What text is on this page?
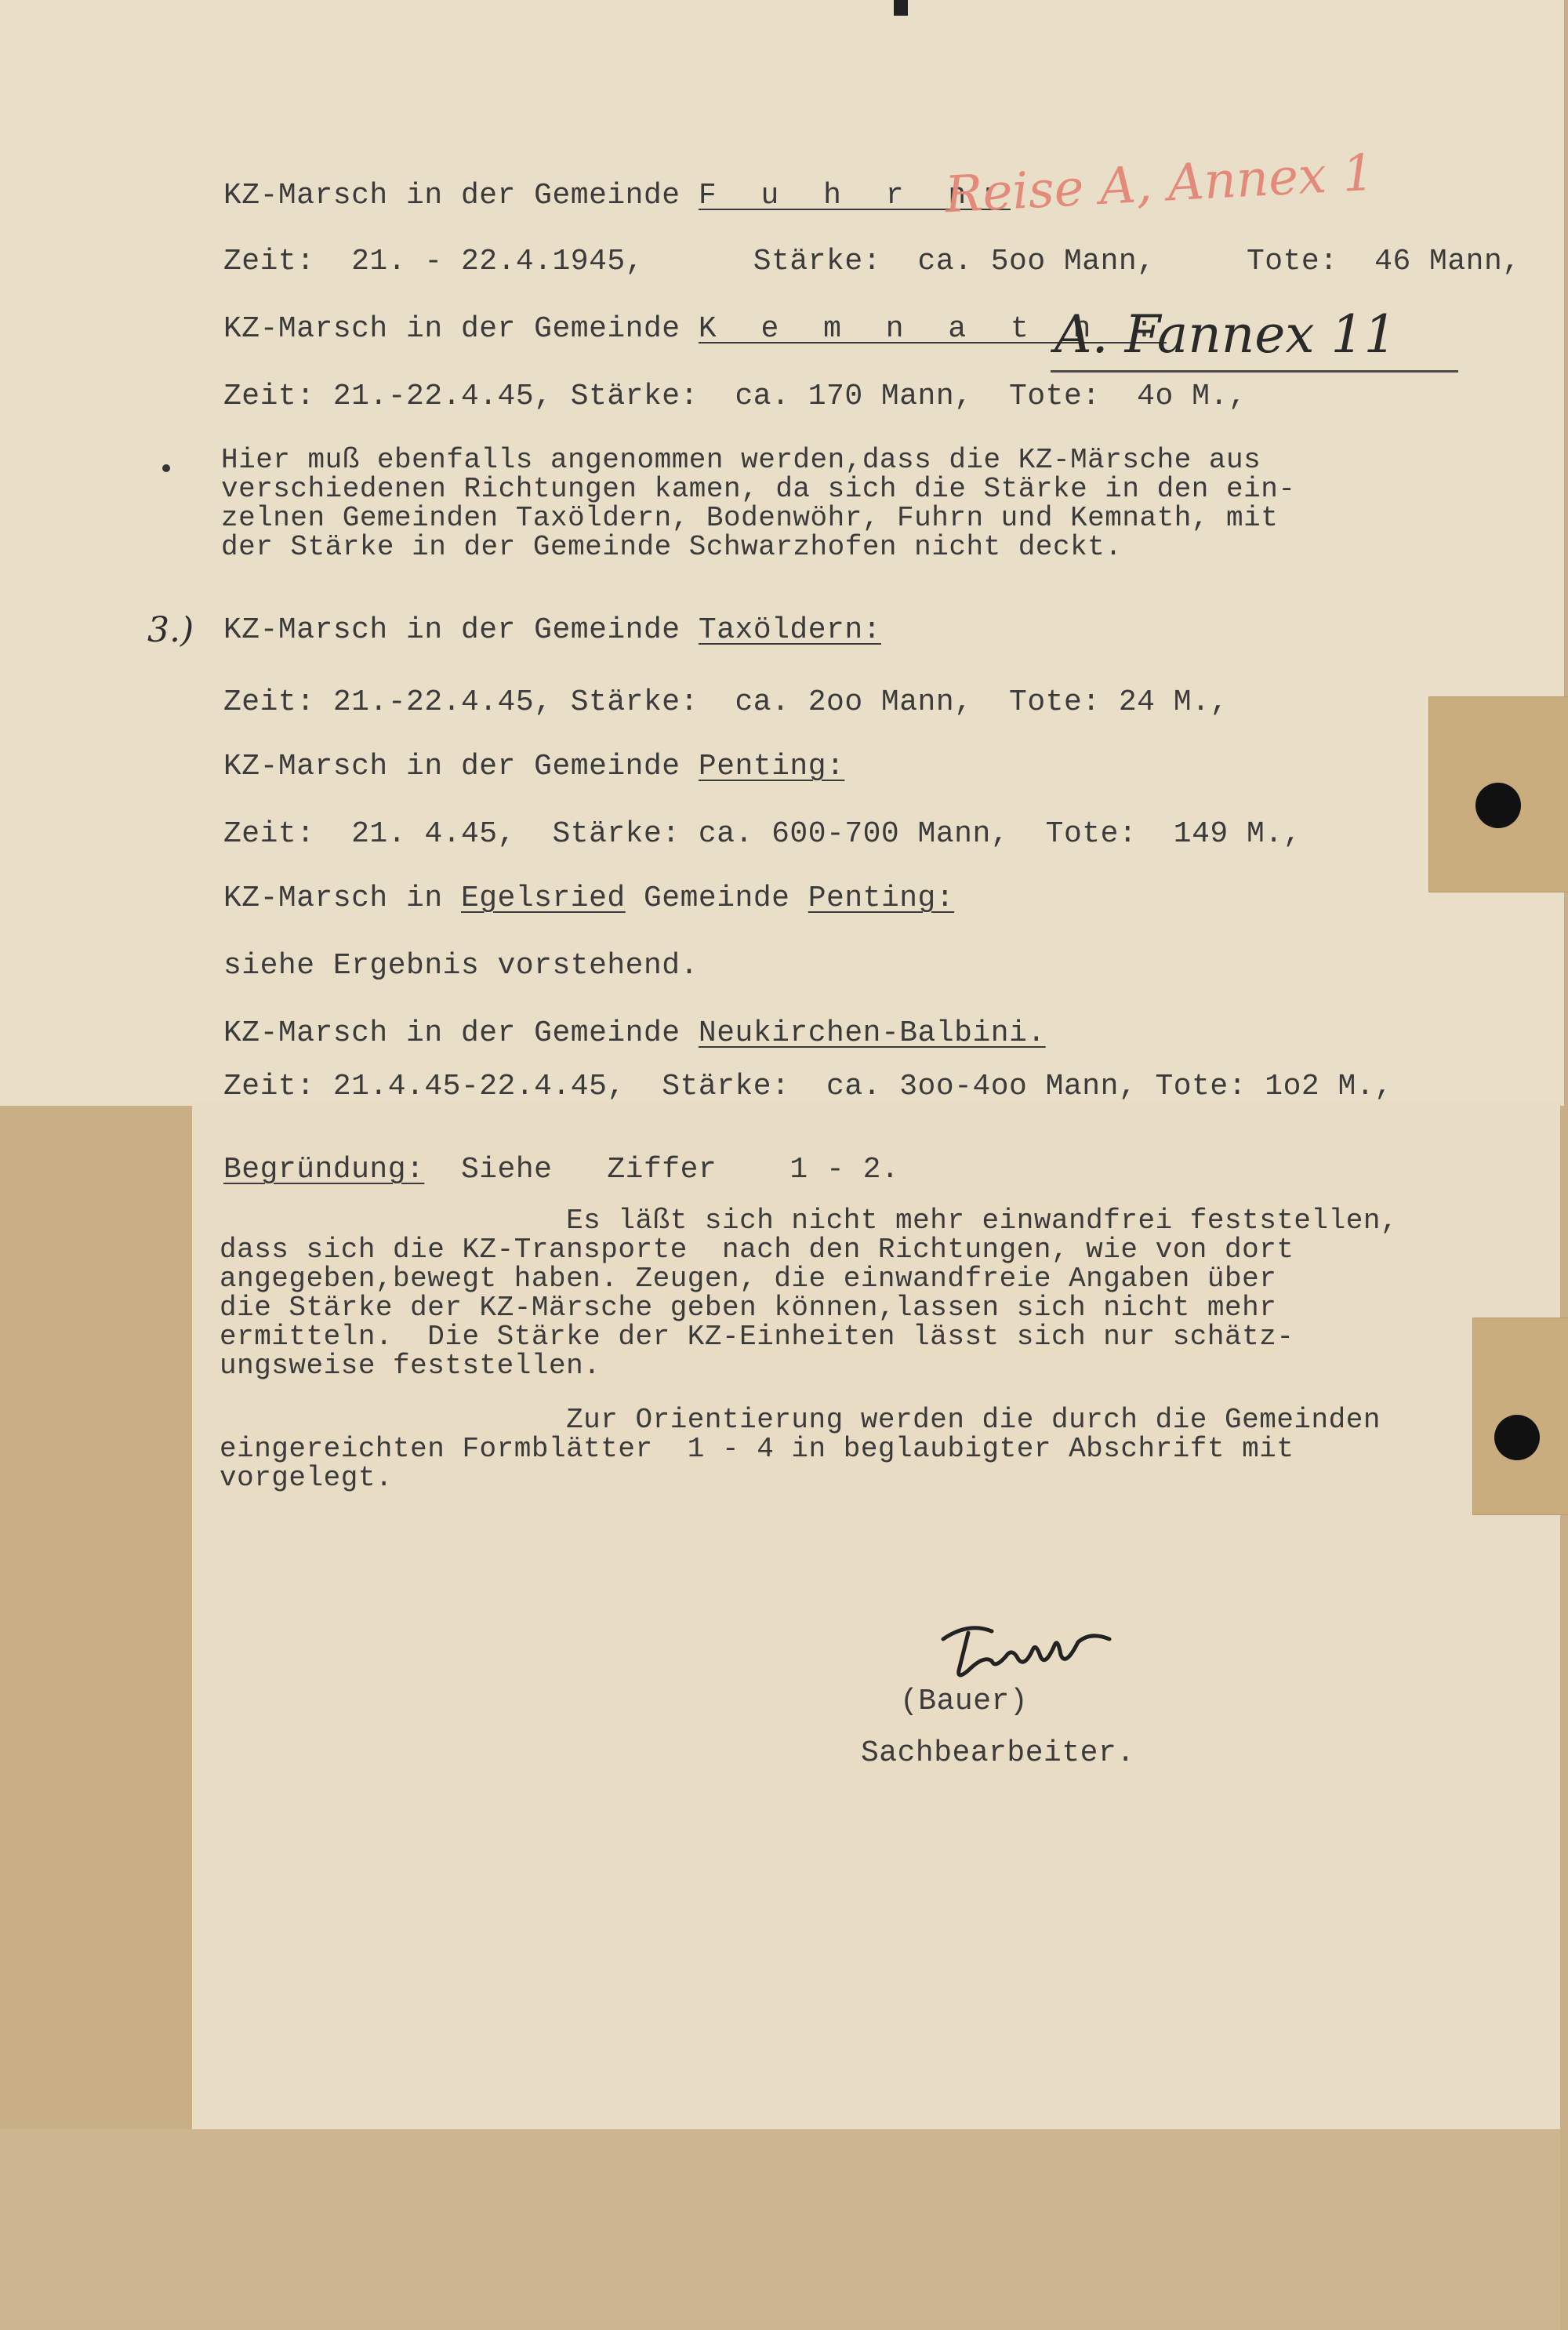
KZ-Marsch in der Gemeinde F u h r n:
Reise A, Annex 1
Zeit:  21. - 22.4.1945,      Stärke:  ca. 5oo Mann,     Tote:  46 Mann,
KZ-Marsch in der Gemeinde K e m n a t h :
A. Fannex 11
Zeit: 21.-22.4.45, Stärke:  ca. 170 Mann,  Tote:  4o M.,
Hier muß ebenfalls angenommen werden,dass die KZ-Märsche aus
verschiedenen Richtungen kamen, da sich die Stärke in den ein-
zelnen Gemeinden Taxöldern, Bodenwöhr, Fuhrn und Kemnath, mit
der Stärke in der Gemeinde Schwarzhofen nicht deckt.
3.) KZ-Marsch in der Gemeinde Taxöldern:
Zeit: 21.-22.4.45, Stärke:  ca. 2oo Mann,  Tote: 24 M.,
KZ-Marsch in der Gemeinde Penting:
Zeit:  21. 4.45,  Stärke: ca. 600-700 Mann,  Tote:  149 M.,
KZ-Marsch in Egelsried Gemeinde Penting:
siehe Ergebnis vorstehend.
KZ-Marsch in der Gemeinde Neukirchen-Balbini.
Zeit: 21.4.45-22.4.45,  Stärke:  ca. 3oo-4oo Mann, Tote: 1o2 M.,
Begründung:  Siehe   Ziffer    1 - 2.
Es läßt sich nicht mehr einwandfrei feststellen,
dass sich die KZ-Transporte  nach den Richtungen, wie von dort
angegeben,bewegt haben. Zeugen, die einwandfreie Angaben über
die Stärke der KZ-Märsche geben können,lassen sich nicht mehr
ermitteln.  Die Stärke der KZ-Einheiten lässt sich nur schätz-
ungsweise feststellen.
Zur Orientierung werden die durch die Gemeinden
eingereichten Formblätter  1 - 4 in beglaubigter Abschrift mit
vorgelegt.
(Bauer)
Sachbearbeiter.
